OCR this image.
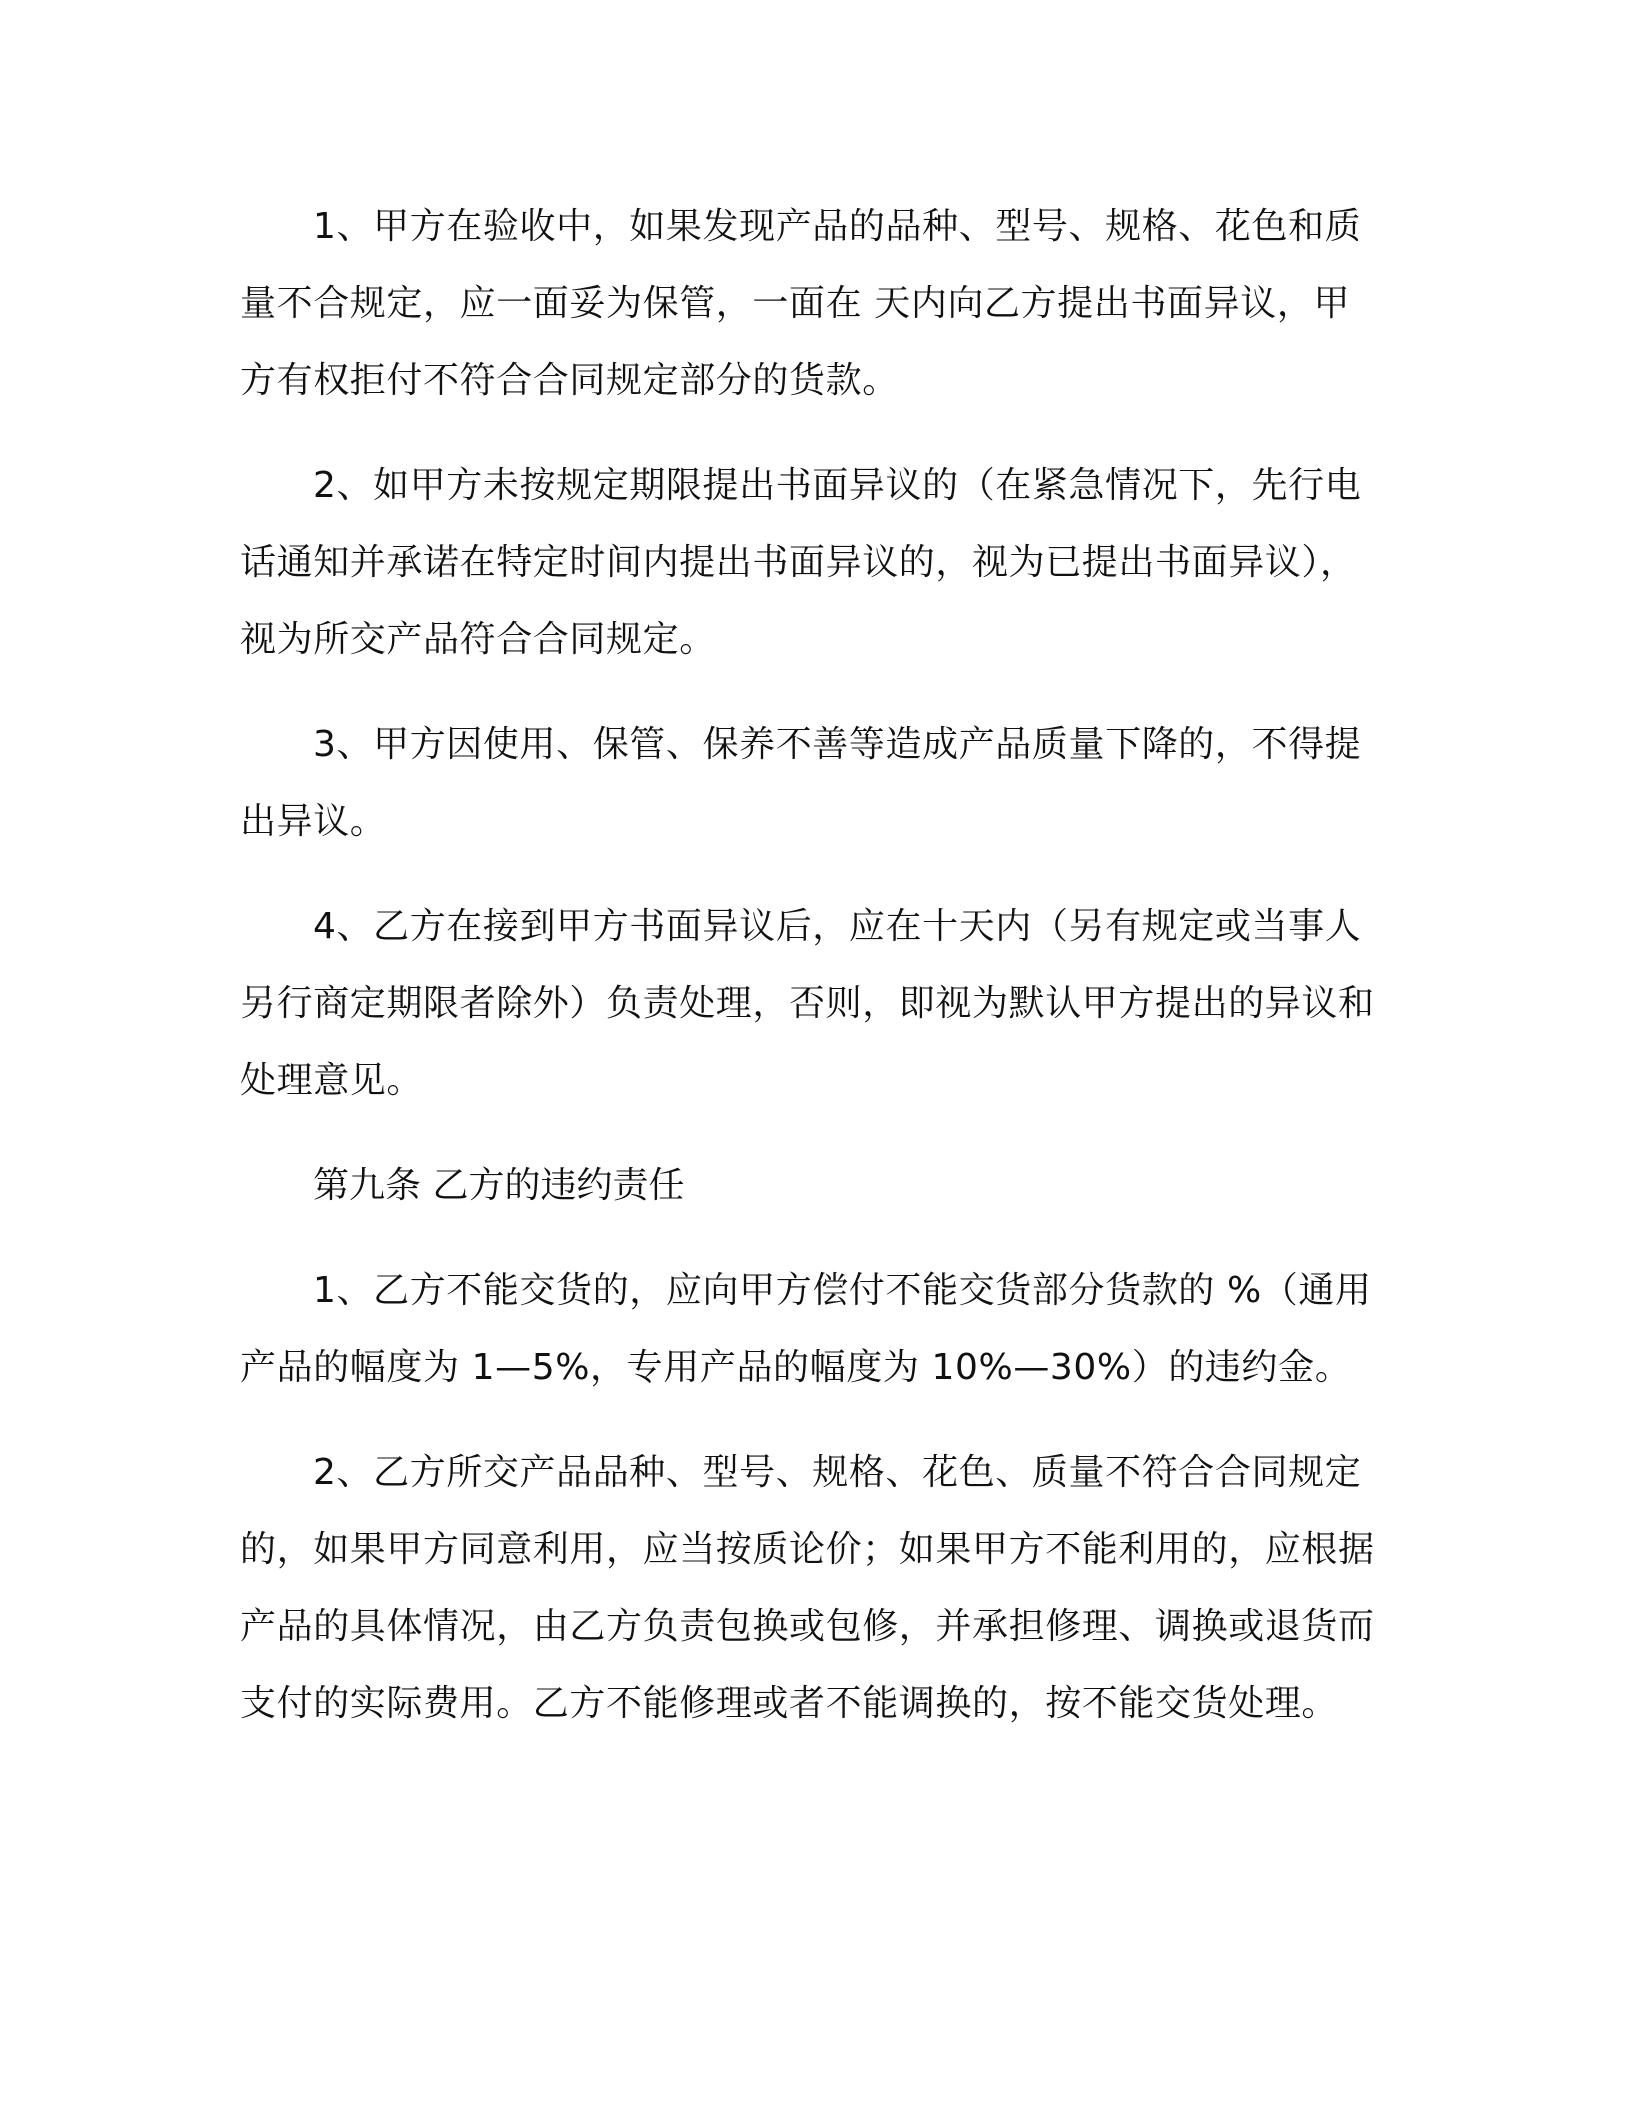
1、甲方在验收中，如果发现产品的品种、型号、规格、花色和质量不合规定，应一面妥为保管，一面在 天内向乙方提出书面异议，甲方有权拒付不符合合同规定部分的货款。

2、如甲方未按规定期限提出书面异议的（在紧急情况下，先行电话通知并承诺在特定时间内提出书面异议的，视为已提出书面异议），视为所交产品符合合同规定。

3、甲方因使用、保管、保养不善等造成产品质量下降的，不得提出异议。

4、乙方在接到甲方书面异议后，应在十天内（另有规定或当事人另行商定期限者除外）负责处理，否则，即视为默认甲方提出的异议和处理意见。

第九条 乙方的违约责任

1、乙方不能交货的，应向甲方偿付不能交货部分货款的 %（通用产品的幅度为 1—5%，专用产品的幅度为 10%—30%）的违约金。

2、乙方所交产品品种、型号、规格、花色、质量不符合合同规定的，如果甲方同意利用，应当按质论价；如果甲方不能利用的，应根据产品的具体情况，由乙方负责包换或包修，并承担修理、调换或退货而支付的实际费用。乙方不能修理或者不能调换的，按不能交货处理。
